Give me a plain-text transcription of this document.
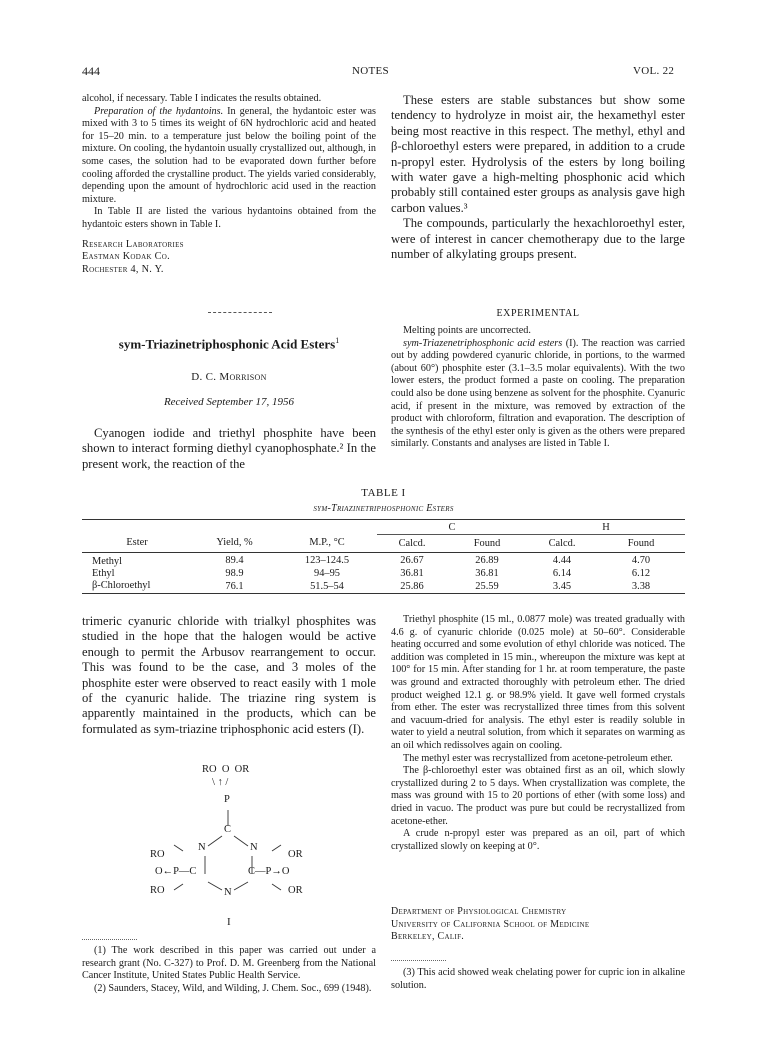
444	NOTES	VOL. 22

alcohol, if necessary. Table I indicates the results obtained.

Preparation of the hydantoins. In general, the hydantoic ester was mixed with 3 to 5 times its weight of 6N hydrochloric acid and heated for 15–20 min. to a temperature just below the boiling point of the mixture. On cooling, the hydantoin usually crystallized out, although, in some cases, the solution had to be evaporated down further before cooling afforded the crystalline product. The yields varied considerably, depending upon the amount of hydrochloric acid used in the reaction mixture.

In Table II are listed the various hydantoins obtained from the hydantoic esters shown in Table I.

Research Laboratories
Eastman Kodak Co.
Rochester 4, N. Y.
sym-Triazinetriphosphonic Acid Esters$^1$
D. C. Morrison
Received September 17, 1956

Cyanogen iodide and triethyl phosphite have been shown to interact forming diethyl cyanophosphate.² In the present work, the reaction of the

These esters are stable substances but show some tendency to hydrolyze in moist air, the hexamethyl ester being most reactive in this respect. The methyl, ethyl and β-chloroethyl esters were prepared, in addition to a crude n-propyl ester. Hydrolysis of the esters by long boiling with water gave a high-melting phosphonic acid which probably still contained ester groups as analysis gave high carbon values.³

The compounds, particularly the hexachloroethyl ester, were of interest in cancer chemotherapy due to the large number of alkylating groups present.

EXPERIMENTAL

Melting points are uncorrected.

sym-Triazenetriphosphonic acid esters (I). The reaction was carried out by adding powdered cyanuric chloride, in portions, to the warmed (about 60°) phosphite ester (3.1–3.5 molar equivalents). With the two lower esters, the product formed a paste on cooling. The preparation could also be done using benzene as solvent for the phosphite. Cyanuric acid, if present in the mixture, was removed by extraction of the product with chloroform, filtration and evaporation. The description of the synthesis of the ethyl ester only is given as the others were prepared similarly. Constants and analyses are listed in Table I.

TABLE I
sym-Triazinetriphosphonic Esters
			C		H	
Ester	Yield, %	M.P., °C	Calcd.	Found	Calcd.	Found
Methyl	89.4	123–124.5	26.67	26.89	4.44	4.70
Ethyl	98.9	94–95	36.81	36.81	6.14	6.12
β-Chloroethyl	76.1	51.5–54	25.86	25.59	3.45	3.38

trimeric cyanuric chloride with trialkyl phosphites was studied in the hope that the halogen would be active enough to permit the Arbusov rearrangement to occur. This was found to be the case, and 3 moles of the phosphite ester were observed to react easily with 1 mole of the cyanuric halide. The triazine ring system is apparently maintained in the products, which can be formulated as sym-triazine triphosphonic acid esters (I).

RO  O  OR
\ ↑ /
P
C
N	N
RO	OR
O←P—C	C—P→O
RO	N	OR
I

(1) The work described in this paper was carried out under a research grant (No. C-327) to Prof. D. M. Greenberg from the National Cancer Institute, United States Public Health Service.

(2) Saunders, Stacey, Wild, and Wilding, J. Chem. Soc., 699 (1948).

Triethyl phosphite (15 ml., 0.0877 mole) was treated gradually with 4.6 g. of cyanuric chloride (0.025 mole) at 50–60°. Considerable heating occurred and some evolution of ethyl chloride was noticed. The addition was completed in 15 min., whereupon the mixture was kept at 100° for 15 min. After standing for 1 hr. at room temperature, the paste was ground and extracted thoroughly with petroleum ether. The dried product weighed 12.1 g. or 98.9% yield. It gave well formed crystals from ether. The ester was recrystallized three times from this solvent and vacuum-dried for analysis. The ethyl ester is readily soluble in water to yield a neutral solution, from which it separates on warming as an oil which redissolves again on cooling.

The methyl ester was recrystallized from acetone-petroleum ether.

The β-chloroethyl ester was obtained first as an oil, which slowly crystallized during 2 to 5 days. When crystallization was complete, the mass was ground with 15 to 20 portions of ether (with some loss) and dried in vacuo. The product was pure but could be recrystallized from acetone-ether.

A crude n-propyl ester was prepared as an oil, part of which crystallized slowly on keeping at 0°.

Department of Physiological Chemistry
University of California School of Medicine
Berkeley, Calif.

(3) This acid showed weak chelating power for cupric ion in alkaline solution.
